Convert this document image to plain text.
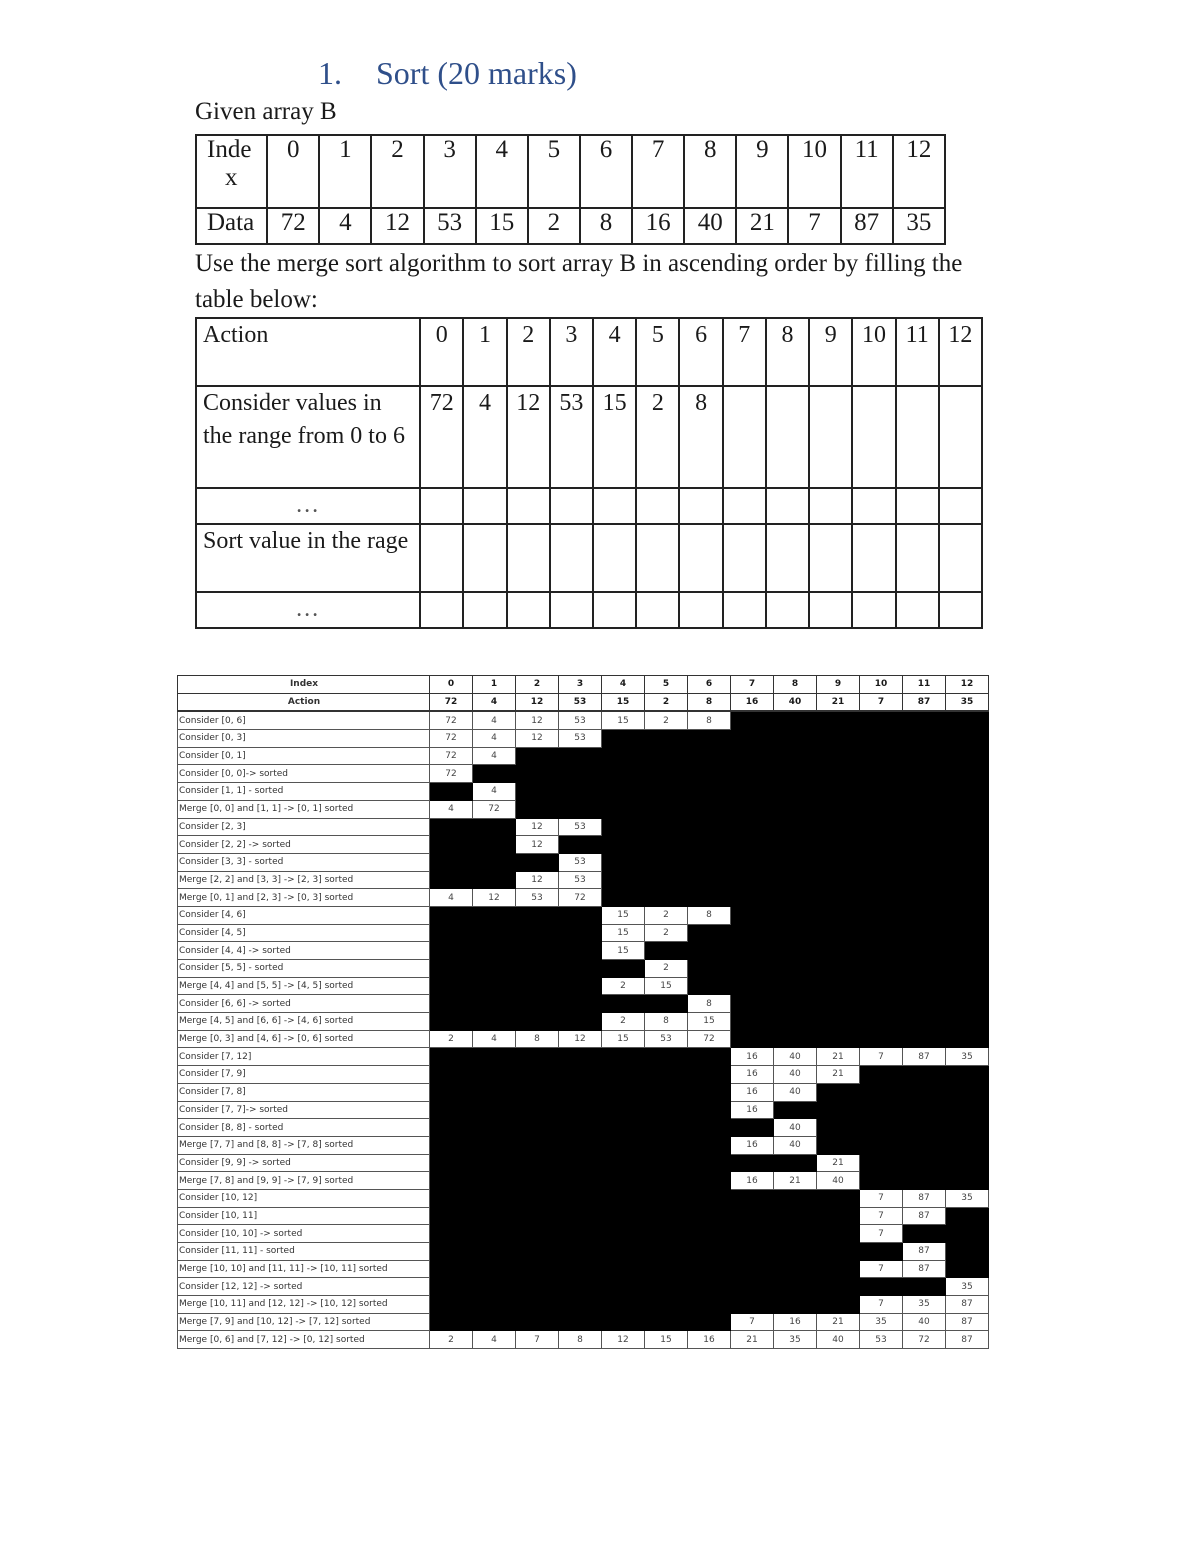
1. Sort (20 marks)
Given array B
Inde
x	0	1	2	3	4	5	6	7	8	9	10	11	12
Data	72	4	12	53	15	2	8	16	40	21	7	87	35
Use the merge sort algorithm to sort array B in ascending order by filling the table below:
Action	0	1	2	3	4	5	6	7	8	9	10	11	12
Consider values in the range from 0 to 6	72	4	12	53	15	2	8						
...													
Sort value in the rage													
...													
Index	0	1	2	3	4	5	6	7	8	9	10	11	12
Action	72	4	12	53	15	2	8	16	40	21	7	87	35
Consider [0, 6]	72	4	12	53	15	2	8						
Consider [0, 3]	72	4	12	53									
Consider [0, 1]	72	4											
Consider [0, 0]-> sorted	72												
Consider [1, 1] - sorted		4											
Merge [0, 0] and [1, 1] -> [0, 1] sorted	4	72											
Consider [2, 3]			12	53									
Consider [2, 2] -> sorted			12										
Consider [3, 3] - sorted				53									
Merge [2, 2] and [3, 3] -> [2, 3] sorted			12	53									
Merge [0, 1] and [2, 3] -> [0, 3] sorted	4	12	53	72									
Consider [4, 6]					15	2	8						
Consider [4, 5]					15	2							
Consider [4, 4] -> sorted					15								
Consider [5, 5] - sorted						2							
Merge [4, 4] and [5, 5] -> [4, 5] sorted					2	15							
Consider [6, 6] -> sorted							8						
Merge [4, 5] and [6, 6] -> [4, 6] sorted					2	8	15						
Merge [0, 3] and [4, 6] -> [0, 6] sorted	2	4	8	12	15	53	72						
Consider [7, 12]								16	40	21	7	87	35
Consider [7, 9]								16	40	21			
Consider [7, 8]								16	40				
Consider [7, 7]-> sorted								16					
Consider [8, 8] - sorted									40				
Merge [7, 7] and [8, 8] -> [7, 8] sorted								16	40				
Consider [9, 9] -> sorted										21			
Merge [7, 8] and [9, 9] -> [7, 9] sorted								16	21	40			
Consider [10, 12]											7	87	35
Consider [10, 11]											7	87	
Consider [10, 10] -> sorted											7		
Consider [11, 11] - sorted												87	
Merge [10, 10] and [11, 11] -> [10, 11] sorted											7	87	
Consider [12, 12] -> sorted													35
Merge [10, 11] and [12, 12] -> [10, 12] sorted											7	35	87
Merge [7, 9] and [10, 12] -> [7, 12] sorted								7	16	21	35	40	87
Merge [0, 6] and [7, 12] -> [0, 12] sorted	2	4	7	8	12	15	16	21	35	40	53	72	87
